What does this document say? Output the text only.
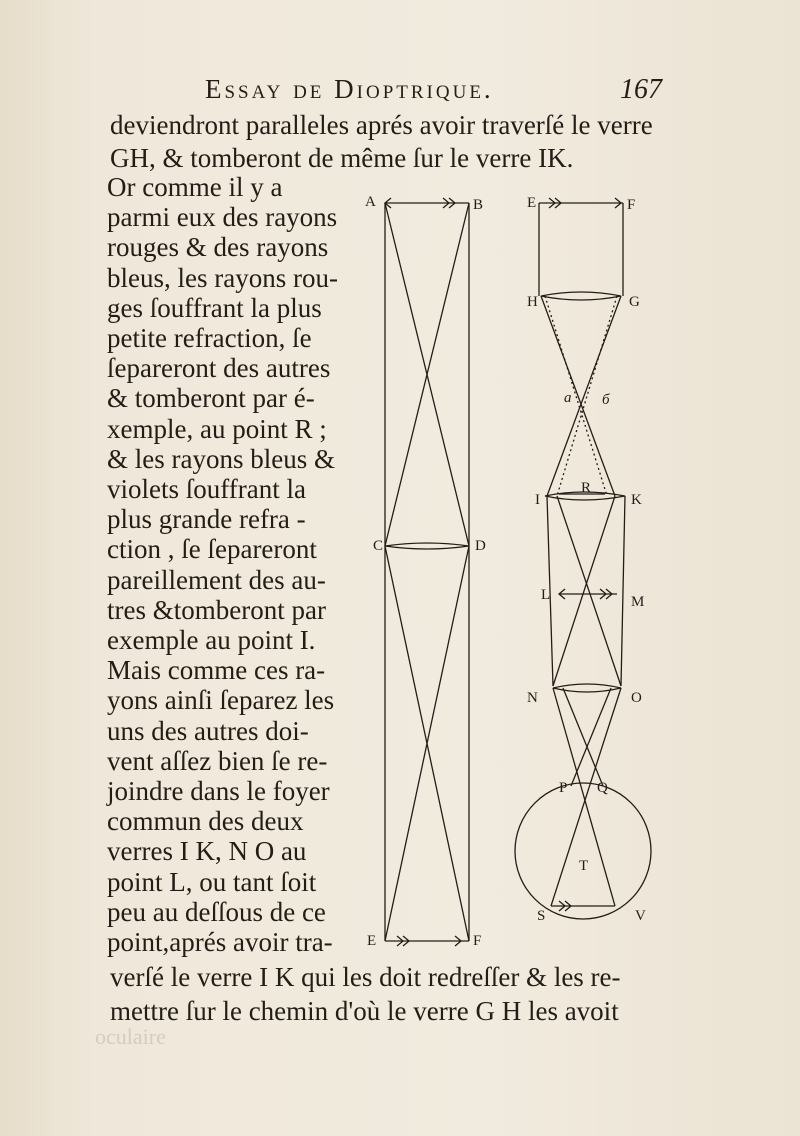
Essay de Dioptrique.	167
deviendront paralleles aprés avoir traverſé le verre
GH, & tomberont de même ſur le verre IK.
Or comme il y a
parmi eux des rayons
rouges & des rayons
bleus, les rayons rou-
ges ſouffrant la plus
petite refraction, ſe
ſepareront des autres
& tomberont par é-
xemple, au point R ;
& les rayons bleus &
violets ſouffrant la
plus grande refra -
ction , ſe ſepareront
pareillement des au-
tres &tomberont par
exemple au point I.
Mais comme ces ra-
yons ainſi ſeparez les
uns des autres doi-
vent aſſez bien ſe re-
joindre dans le foyer
commun des deux
verres I K, N O au
point L, ou tant ſoit
peu au deſſous de ce
point,aprés avoir tra-
verſé le verre I K qui les doit redreſſer & les re-
mettre ſur le chemin d'où le verre G H les avoit
A	B
C	D
E	F
E	F
H	G
a б
I
R
K
L	M
N	O
P Q
T
S	V
oculaire
